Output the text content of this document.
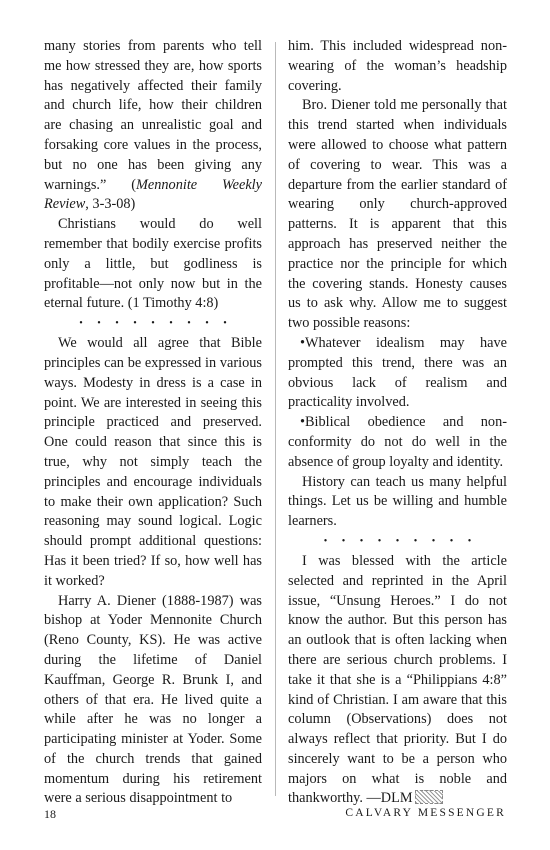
many stories from parents who tell me how stressed they are, how sports has negatively affected their family and church life, how their children are chasing an unrealistic goal and forsaking core values in the process, but no one has been giving any warnings.” (Mennonite Weekly Review, 3-3-08)

Christians would do well remember that bodily exercise profits only a little, but godliness is profitable—not only now but in the eternal future. (1 Timothy 4:8)

• • • • • • • • •

We would all agree that Bible principles can be expressed in various ways. Modesty in dress is a case in point. We are interested in seeing this principle practiced and preserved. One could reason that since this is true, why not simply teach the principles and encourage individuals to make their own application? Such reasoning may sound logical. Logic should prompt additional questions: Has it been tried? If so, how well has it worked?

Harry A. Diener (1888-1987) was bishop at Yoder Mennonite Church (Reno County, KS). He was active during the lifetime of Daniel Kauffman, George R. Brunk I, and others of that era. He lived quite a while after he was no longer a participating minister at Yoder. Some of the church trends that gained momentum during his retirement were a serious disappointment to

him. This included widespread non-wearing of the woman’s headship covering.

Bro. Diener told me personally that this trend started when individuals were allowed to choose what pattern of covering to wear. This was a departure from the earlier standard of wearing only church-approved patterns. It is apparent that this approach has preserved neither the practice nor the principle for which the covering stands. Honesty causes us to ask why. Allow me to suggest two possible reasons:

•Whatever idealism may have prompted this trend, there was an obvious lack of realism and practicality involved.

•Biblical obedience and non-conformity do not do well in the absence of group loyalty and identity.

History can teach us many helpful things. Let us be willing and humble learners.

• • • • • • • • •

I was blessed with the article selected and reprinted in the April issue, “Unsung Heroes.” I do not know the author. But this person has an outlook that is often lacking when there are serious church problems. I take it that she is a “Philippians 4:8” kind of Christian. I am aware that this column (Observations) does not always reflect that priority. But I do sincerely want to be a person who majors on what is noble and thankworthy. —DLM

18	CALVARY MESSENGER
